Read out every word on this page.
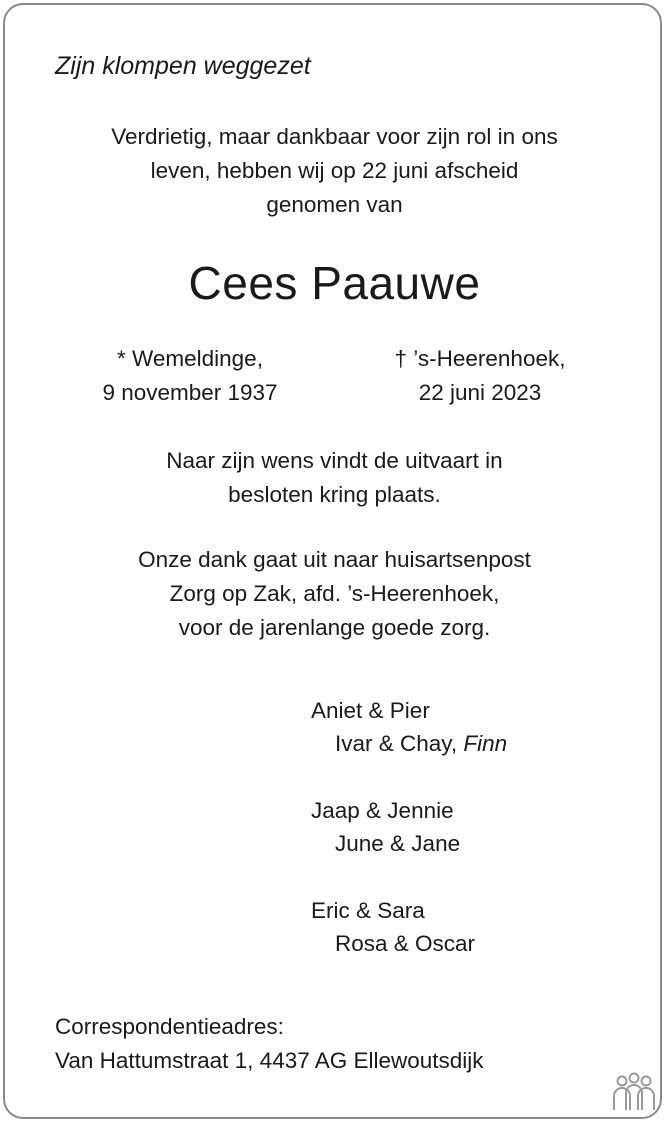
Zijn klompen weggezet
Verdrietig, maar dankbaar voor zijn rol in ons
leven, hebben wij op 22 juni afscheid
genomen van
Cees Paauwe
* Wemeldinge,
9 november 1937
† ’s-Heerenhoek,
22 juni 2023
Naar zijn wens vindt de uitvaart in
besloten kring plaats.
Onze dank gaat uit naar huisartsenpost
Zorg op Zak, afd. ’s-Heerenhoek,
voor de jarenlange goede zorg.
Aniet & Pier
Ivar & Chay, Finn
Jaap & Jennie
June & Jane
Eric & Sara
Rosa & Oscar
Correspondentieadres:
Van Hattumstraat 1, 4437 AG Ellewoutsdijk
